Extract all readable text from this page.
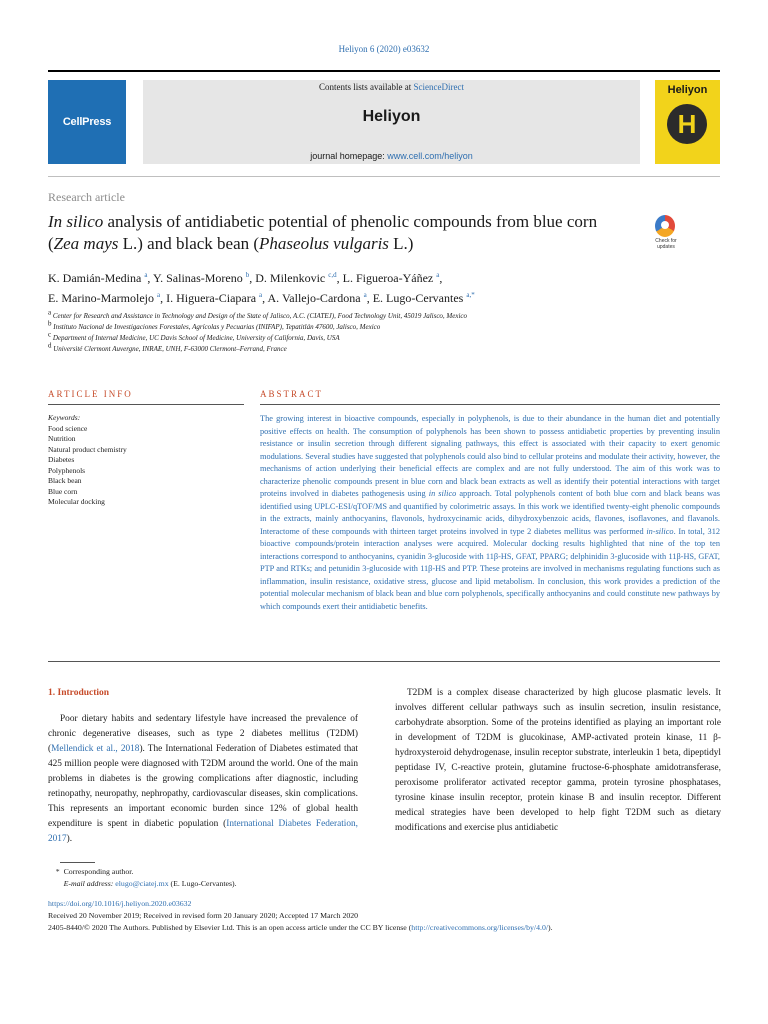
Heliyon 6 (2020) e03632
CellPress
Contents lists available at ScienceDirect
Heliyon
journal homepage: www.cell.com/heliyon
Heliyon
H
Research article
In silico analysis of antidiabetic potential of phenolic compounds from blue corn (Zea mays L.) and black bean (Phaseolus vulgaris L.)	Check for updates
K. Damián-Medina $^a$, Y. Salinas-Moreno $^b$, D. Milenkovic $^{c,d}$, L. Figueroa-Yáñez $^a$,
E. Marino-Marmolejo $^a$, I. Higuera-Ciapara $^a$, A. Vallejo-Cardona $^a$, E. Lugo-Cervantes $^{a,*}$
$^a$ Center for Research and Assistance in Technology and Design of the State of Jalisco, A.C. (CIATEJ), Food Technology Unit, 45019 Jalisco, Mexico
$^b$ Instituto Nacional de Investigaciones Forestales, Agrícolas y Pecuarias (INIFAP), Tepatitlán 47600, Jalisco, Mexico
$^c$ Department of Internal Medicine, UC Davis School of Medicine, University of California, Davis, USA
$^d$ Université Clermont Auvergne, INRAE, UNH, F-63000 Clermont–Ferrand, France
ARTICLE INFO	ABSTRACT
Keywords:
Food science
Nutrition
Natural product chemistry
Diabetes
Polyphenols
Black bean
Blue corn
Molecular docking
The growing interest in bioactive compounds, especially in polyphenols, is due to their abundance in the human diet and potentially positive effects on health. The consumption of polyphenols has been shown to possess antidiabetic properties by preventing insulin resistance or insulin secretion through different signaling pathways, this effect is associated with their capacity to exert genomic modulations. Several studies have suggested that polyphenols could also bind to cellular proteins and modulate their activity, however, the mechanisms of action underlying their beneficial effects are complex and are not fully understood. The aim of this work was to characterize phenolic compounds present in blue corn and black bean extracts as well as identify their potential interactions with target proteins involved in diabetes pathogenesis using in silico approach. Total polyphenols content of both blue corn and black beans was identified using UPLC-ESI/qTOF/MS and quantified by colorimetric assays. In this work we identified twenty-eight phenolic compounds in the extracts, mainly anthocyanins, flavonols, hydroxycinamic acids, dihydroxybenzoic acids, flavones, isoflavones, and flavanols. Interactome of these compounds with thirteen target proteins involved in type 2 diabetes mellitus was performed in-silico. In total, 312 bioactive compounds/protein interaction analyses were acquired. Molecular docking results highlighted that nine of the top ten interactions correspond to anthocyanins, cyanidin 3-glucoside with 11β-HS, GFAT, PPARG; delphinidin 3-glucoside with 11β-HS, GFAT, PTP and RTKs; and petunidin 3-glucoside with 11β-HS and PTP. These proteins are involved in mechanisms regulating functions such as inflammation, insulin resistance, oxidative stress, glucose and lipid metabolism. In conclusion, this work provides a prediction of the potential molecular mechanism of black bean and blue corn polyphenols, specifically anthocyanins and could constitute new pathways by which compounds exert their antidiabetic benefits.
1. Introduction

Poor dietary habits and sedentary lifestyle have increased the prevalence of chronic degenerative diseases, such as type 2 diabetes mellitus (T2DM) (Mellendick et al., 2018). The International Federation of Diabetes estimated that 425 million people were diagnosed with T2DM around the world. One of the main problems in diabetes is the growing complications after diagnostic, including retinopathy, neuropathy, nephropathy, cardiovascular diseases, skin complications. This represents an important economic burden since 12% of global health expenditure is spent in diabetic population (International Diabetes Federation, 2017).

T2DM is a complex disease characterized by high glucose plasmatic levels. It involves different cellular pathways such as insulin secretion, insulin resistance, carbohydrate absorption. Some of the proteins identified as playing an important role in development of T2DM is glucokinase, AMP-activated protein kinase, 11 β-hydroxysteroid dehydrogenase, insulin receptor substrate, interleukin 1 beta, dipeptidyl peptidase IV, C-reactive protein, glutamine fructose-6-phosphate amidotransferase, peroxisome proliferator activated receptor gamma, protein tyrosine phosphatases, tyrosine kinase insulin receptor, protein kinase B and insulin receptor. Different medical strategies have been developed to help fight T2DM such as dietary modifications and exercise plus antidiabetic

* Corresponding author.
E-mail address: elugo@ciatej.mx (E. Lugo-Cervantes).
https://doi.org/10.1016/j.heliyon.2020.e03632
Received 20 November 2019; Received in revised form 20 January 2020; Accepted 17 March 2020
2405-8440/© 2020 The Authors. Published by Elsevier Ltd. This is an open access article under the CC BY license (http://creativecommons.org/licenses/by/4.0/).
